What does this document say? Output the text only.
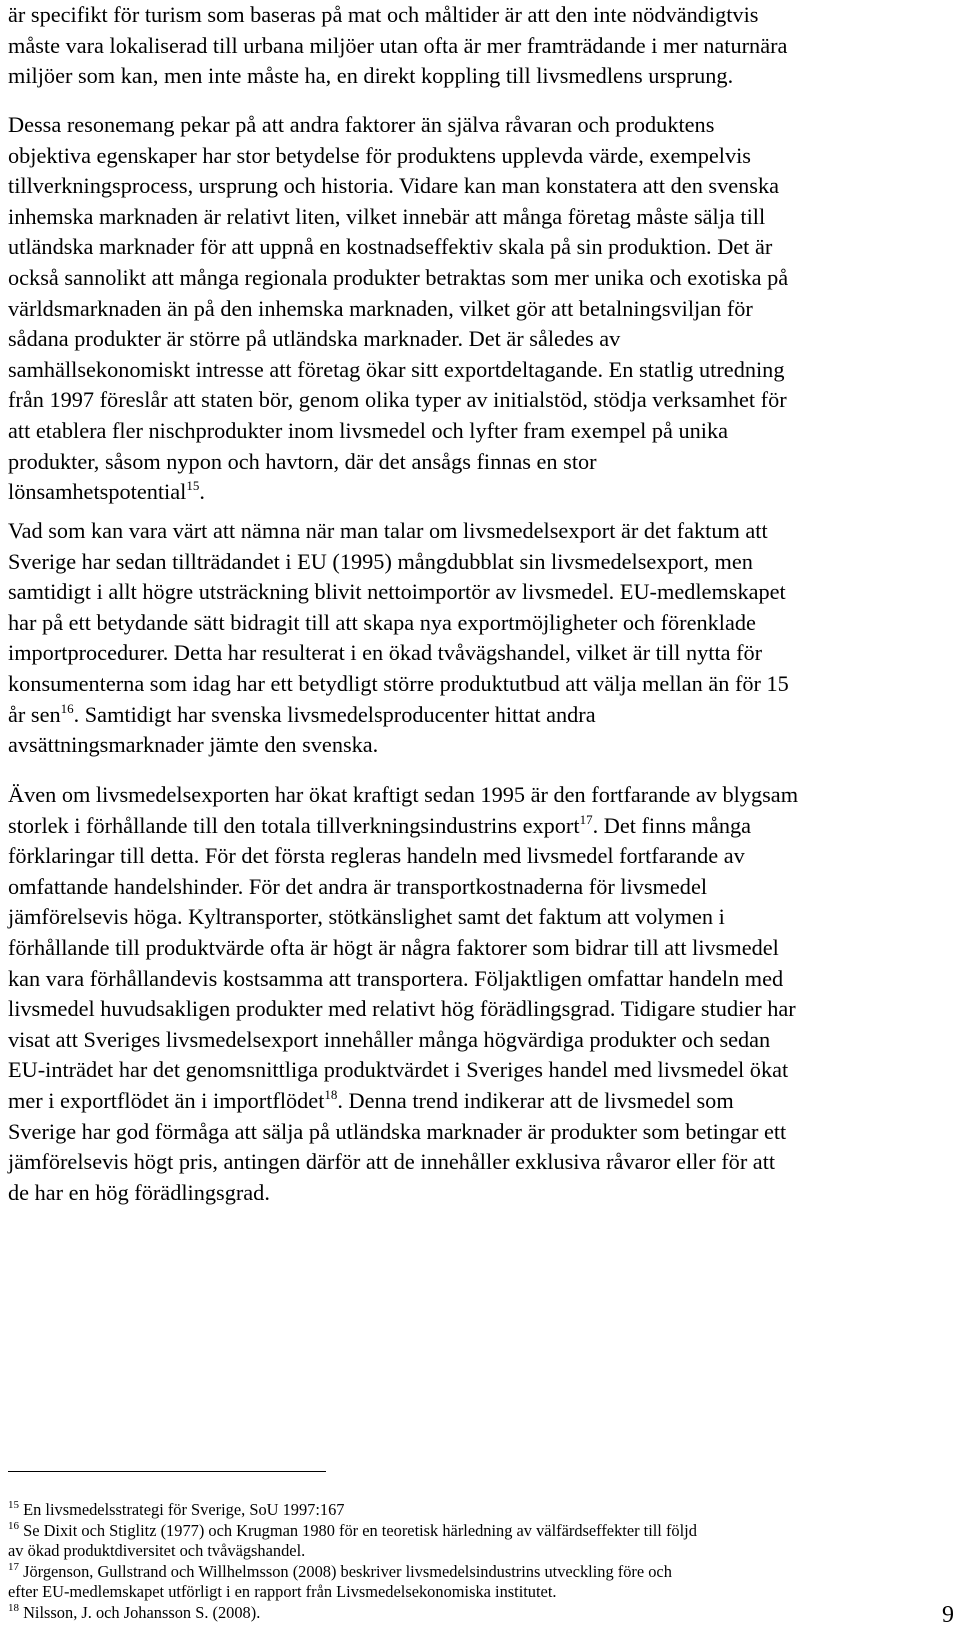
är specifikt för turism som baseras på mat och måltider är att den inte nödvändigtvis
måste vara lokaliserad till urbana miljöer utan ofta är mer framträdande i mer naturnära
miljöer som kan, men inte måste ha, en direkt koppling till livsmedlens ursprung.
Dessa resonemang pekar på att andra faktorer än själva råvaran och produktens
objektiva egenskaper har stor betydelse för produktens upplevda värde, exempelvis
tillverkningsprocess, ursprung och historia. Vidare kan man konstatera att den svenska
inhemska marknaden är relativt liten, vilket innebär att många företag måste sälja till
utländska marknader för att uppnå en kostnadseffektiv skala på sin produktion. Det är
också sannolikt att många regionala produkter betraktas som mer unika och exotiska på
världsmarknaden än på den inhemska marknaden, vilket gör att betalningsviljan för
sådana produkter är större på utländska marknader. Det är således av
samhällsekonomiskt intresse att företag ökar sitt exportdeltagande. En statlig utredning
från 1997 föreslår att staten bör, genom olika typer av initialstöd, stödja verksamhet för
att etablera fler nischprodukter inom livsmedel och lyfter fram exempel på unika
produkter, såsom nypon och havtorn, där det ansågs finnas en stor
lönsamhetspotential$^{15}$.
Vad som kan vara värt att nämna när man talar om livsmedelsexport är det faktum att
Sverige har sedan tillträdandet i EU (1995) mångdubblat sin livsmedelsexport, men
samtidigt i allt högre utsträckning blivit nettoimportör av livsmedel. EU-medlemskapet
har på ett betydande sätt bidragit till att skapa nya exportmöjligheter och förenklade
importprocedurer. Detta har resulterat i en ökad tvåvägshandel, vilket är till nytta för
konsumenterna som idag har ett betydligt större produktutbud att välja mellan än för 15
år sen$^{16}$. Samtidigt har svenska livsmedelsproducenter hittat andra
avsättningsmarknader jämte den svenska.
Även om livsmedelsexporten har ökat kraftigt sedan 1995 är den fortfarande av blygsam
storlek i förhållande till den totala tillverkningsindustrins export$^{17}$. Det finns många
förklaringar till detta. För det första regleras handeln med livsmedel fortfarande av
omfattande handelshinder. För det andra är transportkostnaderna för livsmedel
jämförelsevis höga. Kyltransporter, stötkänslighet samt det faktum att volymen i
förhållande till produktvärde ofta är högt är några faktorer som bidrar till att livsmedel
kan vara förhållandevis kostsamma att transportera. Följaktligen omfattar handeln med
livsmedel huvudsakligen produkter med relativt hög förädlingsgrad. Tidigare studier har
visat att Sveriges livsmedelsexport innehåller många högvärdiga produkter och sedan
EU-inträdet har det genomsnittliga produktvärdet i Sveriges handel med livsmedel ökat
mer i exportflödet än i importflödet$^{18}$. Denna trend indikerar att de livsmedel som
Sverige har god förmåga att sälja på utländska marknader är produkter som betingar ett
jämförelsevis högt pris, antingen därför att de innehåller exklusiva råvaror eller för att
de har en hög förädlingsgrad.
$^{15}$ En livsmedelsstrategi för Sverige, SoU 1997:167
$^{16}$ Se Dixit och Stiglitz (1977) och Krugman 1980 för en teoretisk härledning av välfärdseffekter till följd
av ökad produktdiversitet och tvåvägshandel.
$^{17}$ Jörgenson, Gullstrand och Willhelmsson (2008) beskriver livsmedelsindustrins utveckling före och
efter EU-medlemskapet utförligt i en rapport från Livsmedelsekonomiska institutet.
$^{18}$ Nilsson, J. och Johansson S. (2008).	9
